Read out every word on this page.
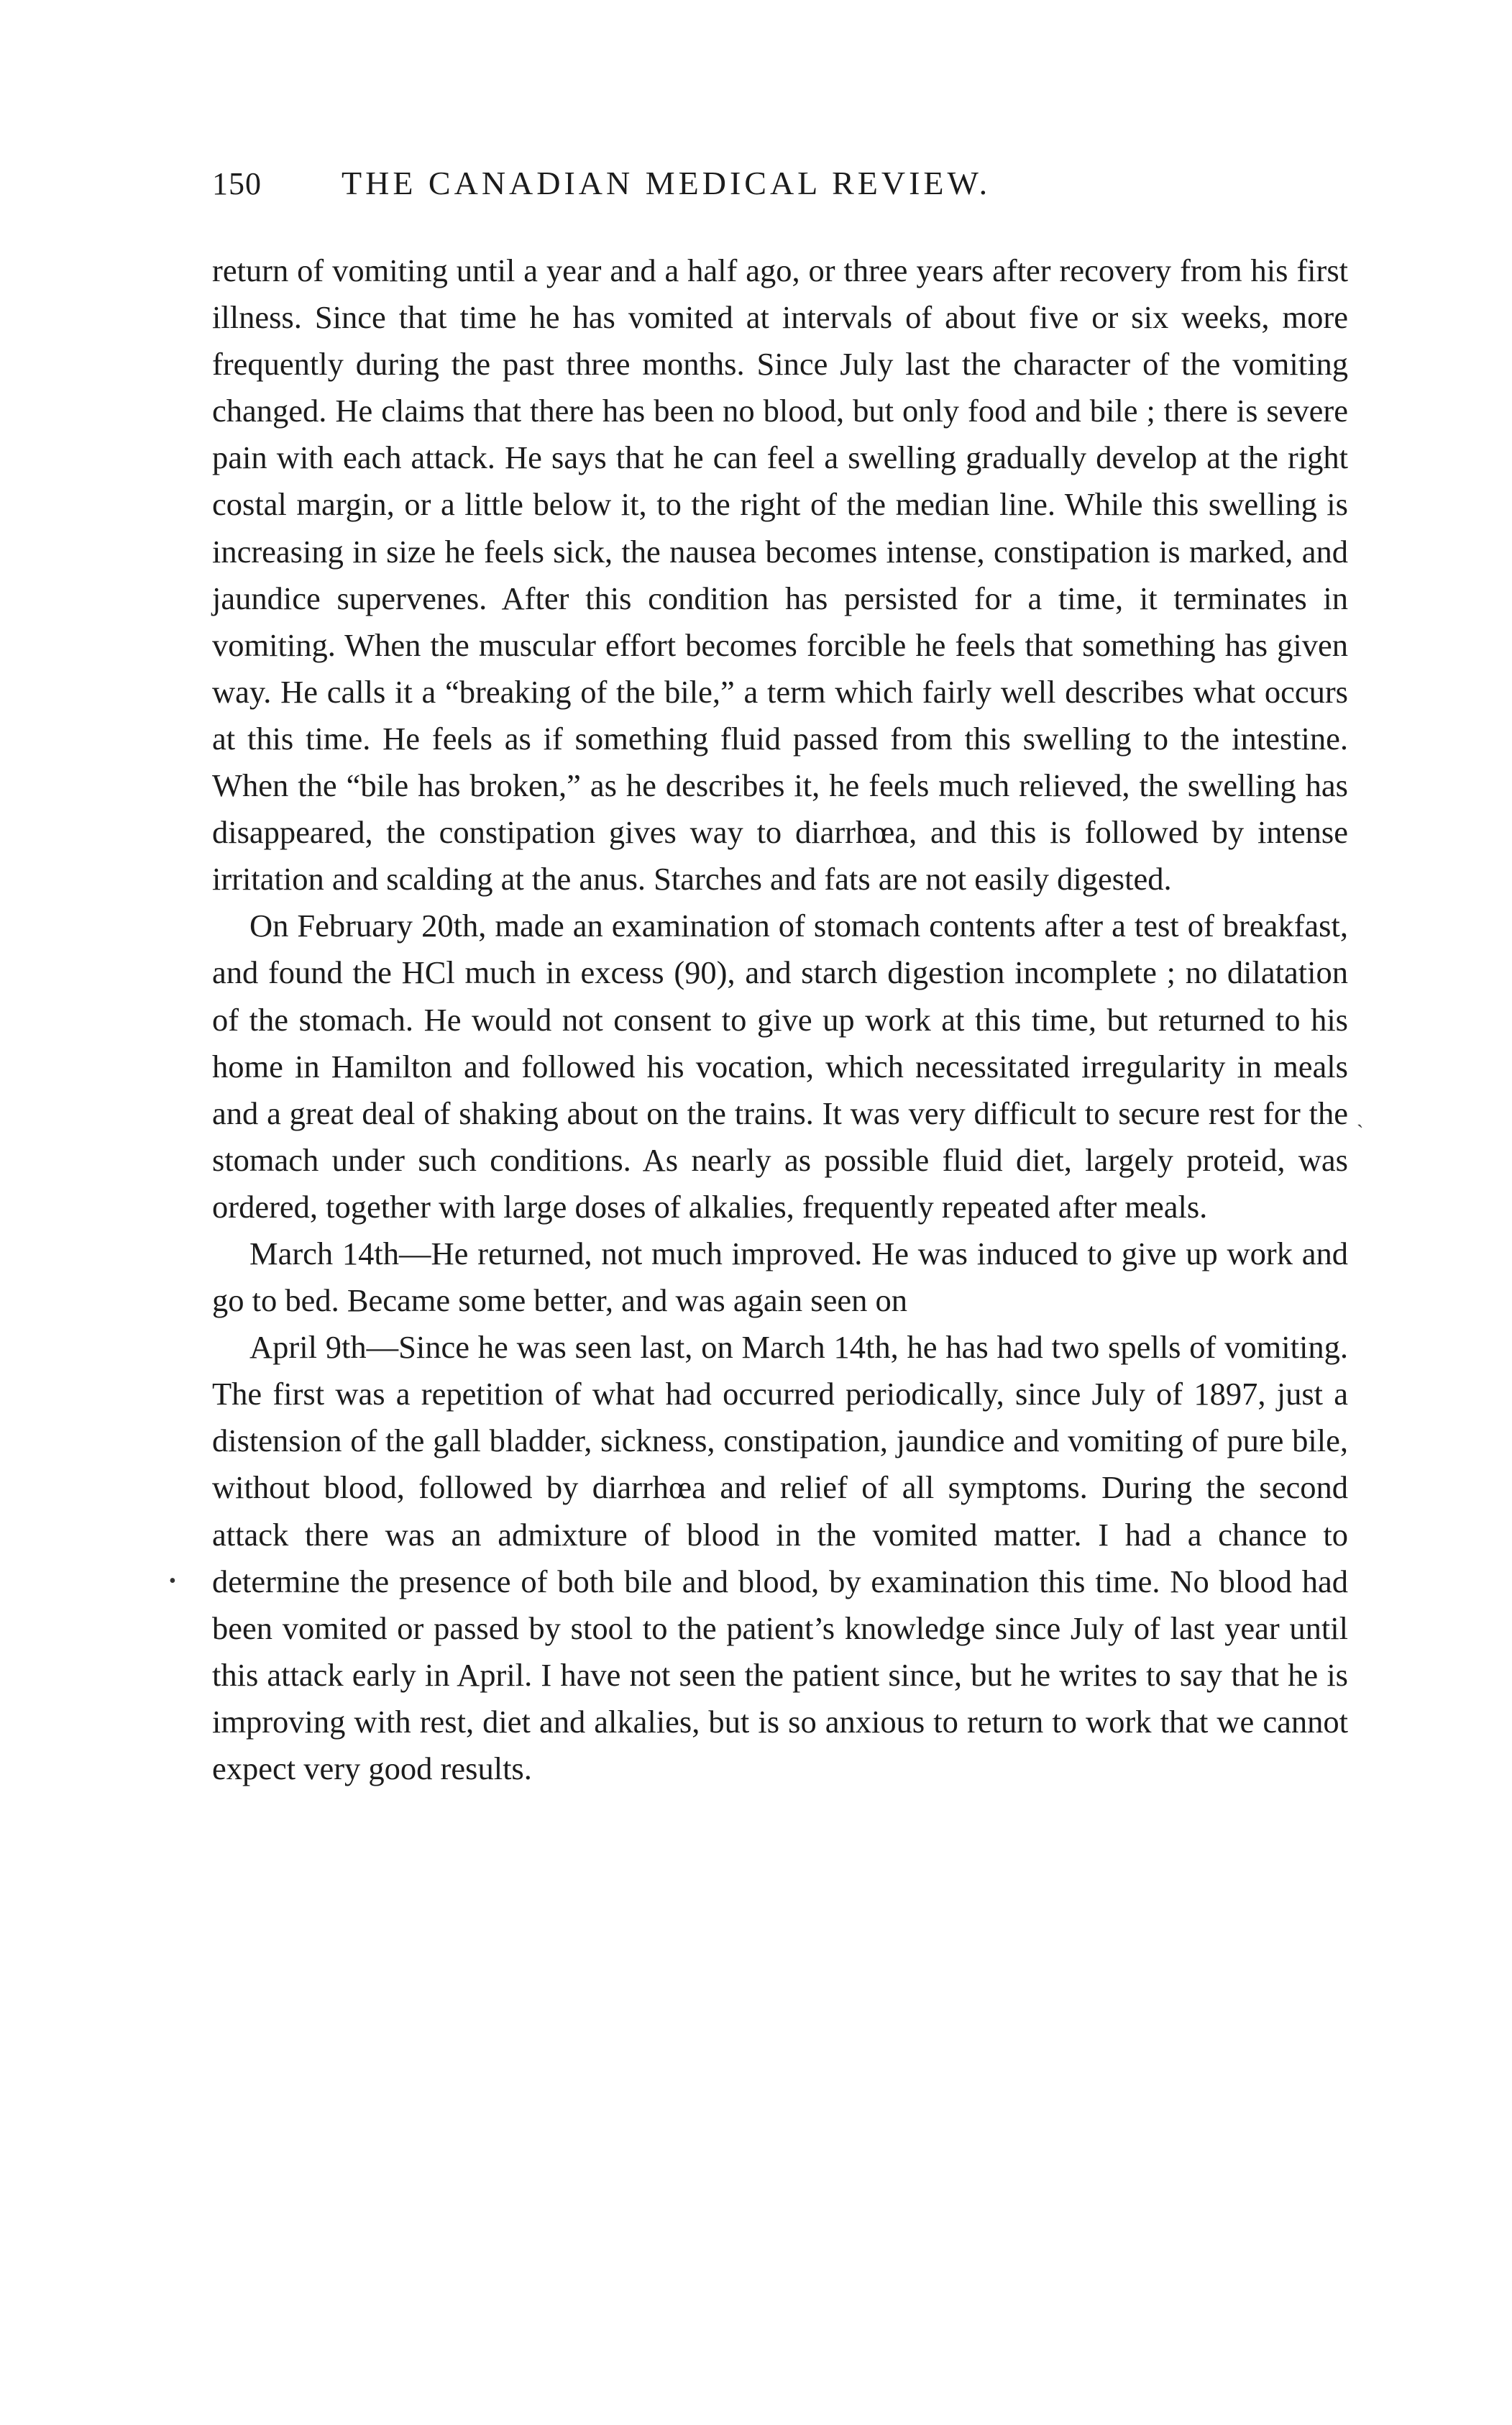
150	THE CANADIAN MEDICAL REVIEW.

return of vomiting until a year and a half ago, or three years after recovery from his first illness. Since that time he has vomited at intervals of about five or six weeks, more frequently during the past three months. Since July last the character of the vomiting changed. He claims that there has been no blood, but only food and bile ; there is severe pain with each attack. He says that he can feel a swelling gradually develop at the right costal margin, or a little below it, to the right of the median line. While this swelling is increasing in size he feels sick, the nausea becomes intense, constipation is marked, and jaundice supervenes. After this condition has persisted for a time, it terminates in vomiting. When the muscular effort becomes forcible he feels that something has given way. He calls it a “breaking of the bile,” a term which fairly well describes what occurs at this time. He feels as if something fluid passed from this swelling to the intestine. When the “bile has broken,” as he describes it, he feels much relieved, the swelling has disappeared, the constipation gives way to diarrhœa, and this is followed by intense irritation and scalding at the anus. Starches and fats are not easily digested.

On February 20th, made an examination of stomach contents after a test of breakfast, and found the HCl much in excess (90), and starch digestion incomplete ; no dilatation of the stomach. He would not consent to give up work at this time, but returned to his home in Hamilton and followed his vocation, which necessitated irregularity in meals and a great deal of shaking about on the trains. It was very difficult to secure rest for the stomach under such conditions. As nearly as possible fluid diet, largely proteid, was ordered, together with large doses of alkalies, frequently repeated after meals.

March 14th—He returned, not much improved. He was induced to give up work and go to bed. Became some better, and was again seen on

April 9th—Since he was seen last, on March 14th, he has had two spells of vomiting. The first was a repetition of what had occurred periodically, since July of 1897, just a distension of the gall bladder, sickness, constipation, jaundice and vomiting of pure bile, without blood, followed by diarrhœa and relief of all symptoms. During the second attack there was an admixture of blood in the vomited matter. I had a chance to determine the presence of both bile and blood, by examination this time. No blood had been vomited or passed by stool to the patient’s knowledge since July of last year until this attack early in April. I have not seen the patient since, but he writes to say that he is improving with rest, diet and alkalies, but is so anxious to return to work that we cannot expect very good results.

ˎ
•
